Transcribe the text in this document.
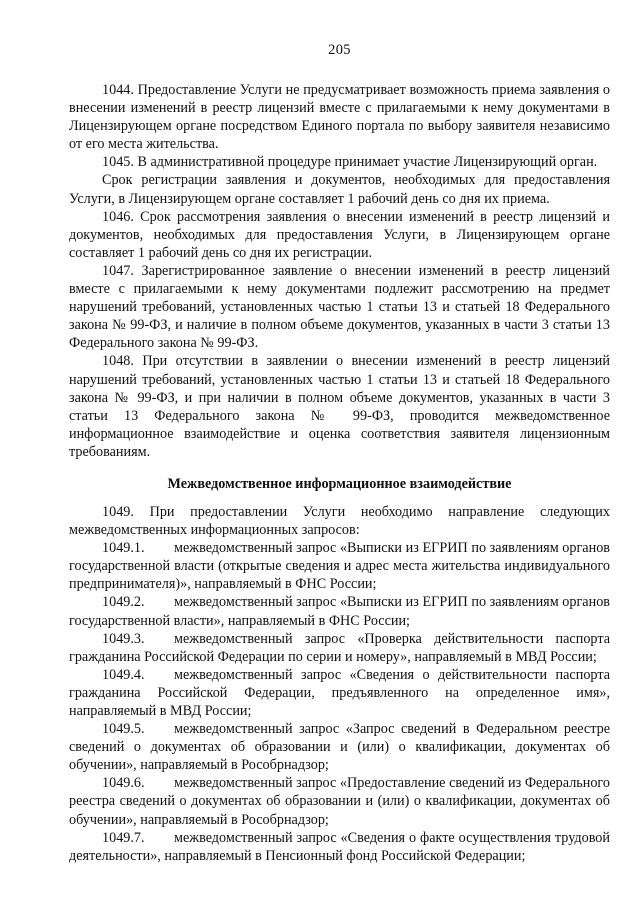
205

1044. Предоставление Услуги не предусматривает возможность приема заявления о внесении изменений в реестр лицензий вместе с прилагаемыми к нему документами в Лицензирующем органе посредством Единого портала по выбору заявителя независимо от его места жительства.

1045. В административной процедуре принимает участие Лицензирующий орган.

Срок регистрации заявления и документов, необходимых для предоставления Услуги, в Лицензирующем органе составляет 1 рабочий день со дня их приема.

1046. Срок рассмотрения заявления о внесении изменений в реестр лицензий и документов, необходимых для предоставления Услуги, в Лицензирующем органе составляет 1 рабочий день со дня их регистрации.

1047. Зарегистрированное заявление о внесении изменений в реестр лицензий вместе с прилагаемыми к нему документами подлежит рассмотрению на предмет нарушений требований, установленных частью 1 статьи 13 и статьей 18 Федерального закона № 99-ФЗ, и наличие в полном объеме документов, указанных в части 3 статьи 13 Федерального закона № 99-ФЗ.

1048. При отсутствии в заявлении о внесении изменений в реестр лицензий нарушений требований, установленных частью 1 статьи 13 и статьей 18 Федерального закона № 99-ФЗ, и при наличии в полном объеме документов, указанных в части 3 статьи 13 Федерального закона № 99-ФЗ, проводится межведомственное информационное взаимодействие и оценка соответствия заявителя лицензионным требованиям.

Межведомственное информационное взаимодействие

1049. При предоставлении Услуги необходимо направление следующих межведомственных информационных запросов:

1049.1. межведомственный запрос «Выписки из ЕГРИП по заявлениям органов государственной власти (открытые сведения и адрес места жительства индивидуального предпринимателя)», направляемый в ФНС России;

1049.2. межведомственный запрос «Выписки из ЕГРИП по заявлениям органов государственной власти», направляемый в ФНС России;

1049.3. межведомственный запрос «Проверка действительности паспорта гражданина Российской Федерации по серии и номеру», направляемый в МВД России;

1049.4. межведомственный запрос «Сведения о действительности паспорта гражданина Российской Федерации, предъявленного на определенное имя», направляемый в МВД России;

1049.5. межведомственный запрос «Запрос сведений в Федеральном реестре сведений о документах об образовании и (или) о квалификации, документах об обучении», направляемый в Рособрнадзор;

1049.6. межведомственный запрос «Предоставление сведений из Федерального реестра сведений о документах об образовании и (или) о квалификации, документах об обучении», направляемый в Рособрнадзор;

1049.7. межведомственный запрос «Сведения о факте осуществления трудовой деятельности», направляемый в Пенсионный фонд Российской Федерации;
